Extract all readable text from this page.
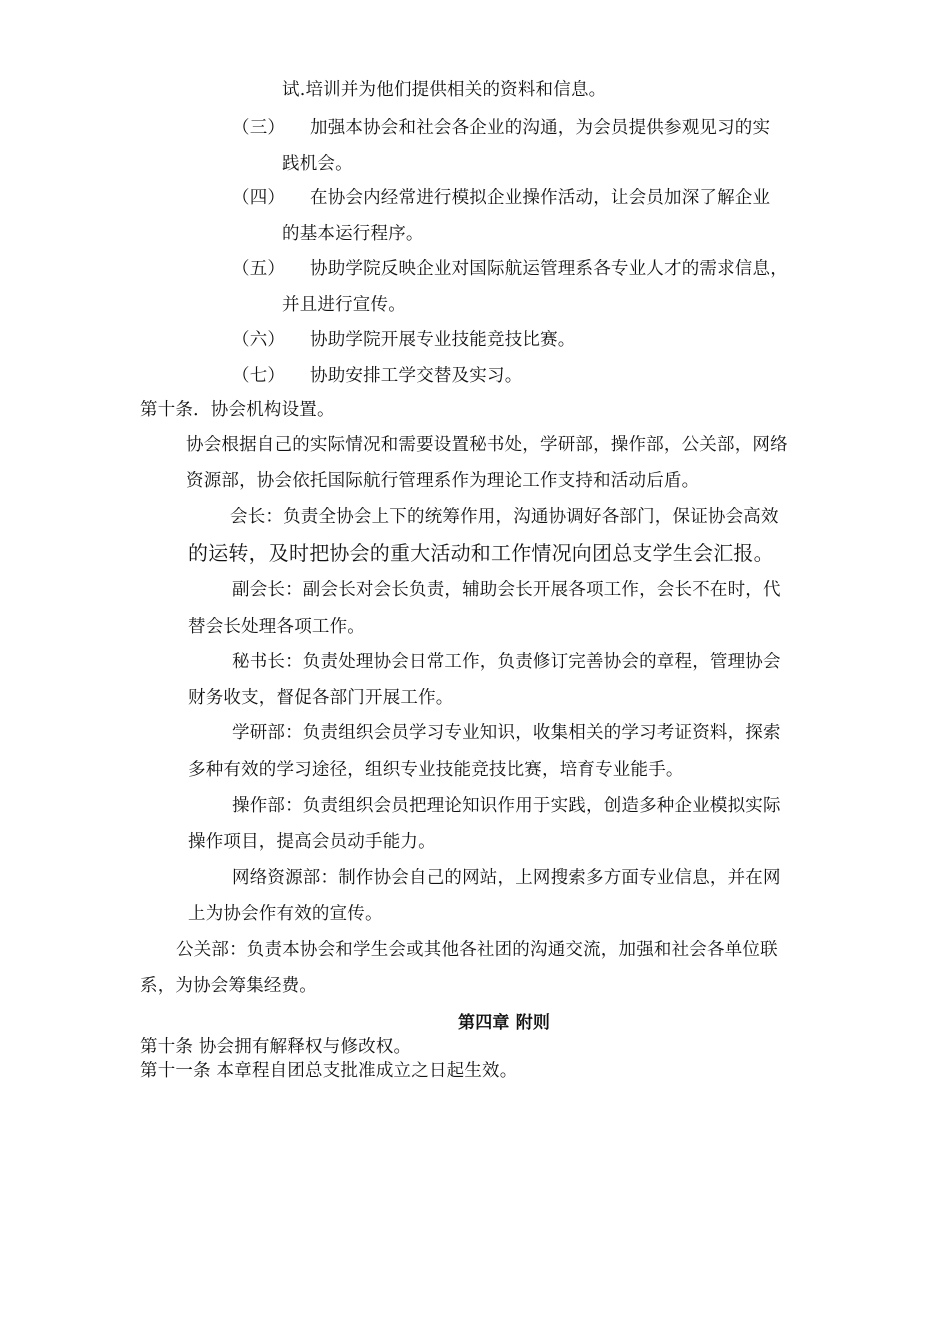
试.培训并为他们提供相关的资料和信息。
（三） 加强本协会和社会各企业的沟通，为会员提供参观见习的实
践机会。
（四） 在协会内经常进行模拟企业操作活动，让会员加深了解企业
的基本运行程序。
（五） 协助学院反映企业对国际航运管理系各专业人才的需求信息，
并且进行宣传。
（六） 协助学院开展专业技能竞技比赛。
（七） 协助安排工学交替及实习。
第十条．协会机构设置。
协会根据自己的实际情况和需要设置秘书处，学研部，操作部，公关部，网络
资源部，协会依托国际航行管理系作为理论工作支持和活动后盾。
会长：负责全协会上下的统筹作用，沟通协调好各部门，保证协会高效
的运转，及时把协会的重大活动和工作情况向团总支学生会汇报。
副会长：副会长对会长负责，辅助会长开展各项工作，会长不在时，代
替会长处理各项工作。
秘书长：负责处理协会日常工作，负责修订完善协会的章程，管理协会
财务收支，督促各部门开展工作。
学研部：负责组织会员学习专业知识，收集相关的学习考证资料，探索
多种有效的学习途径，组织专业技能竞技比赛，培育专业能手。
操作部：负责组织会员把理论知识作用于实践，创造多种企业模拟实际
操作项目，提高会员动手能力。
网络资源部：制作协会自己的网站，上网搜索多方面专业信息，并在网
上为协会作有效的宣传。
公关部：负责本协会和学生会或其他各社团的沟通交流，加强和社会各单位联
系，为协会筹集经费。
第四章 附则
第十条 协会拥有解释权与修改权。
第十一条 本章程自团总支批准成立之日起生效。
